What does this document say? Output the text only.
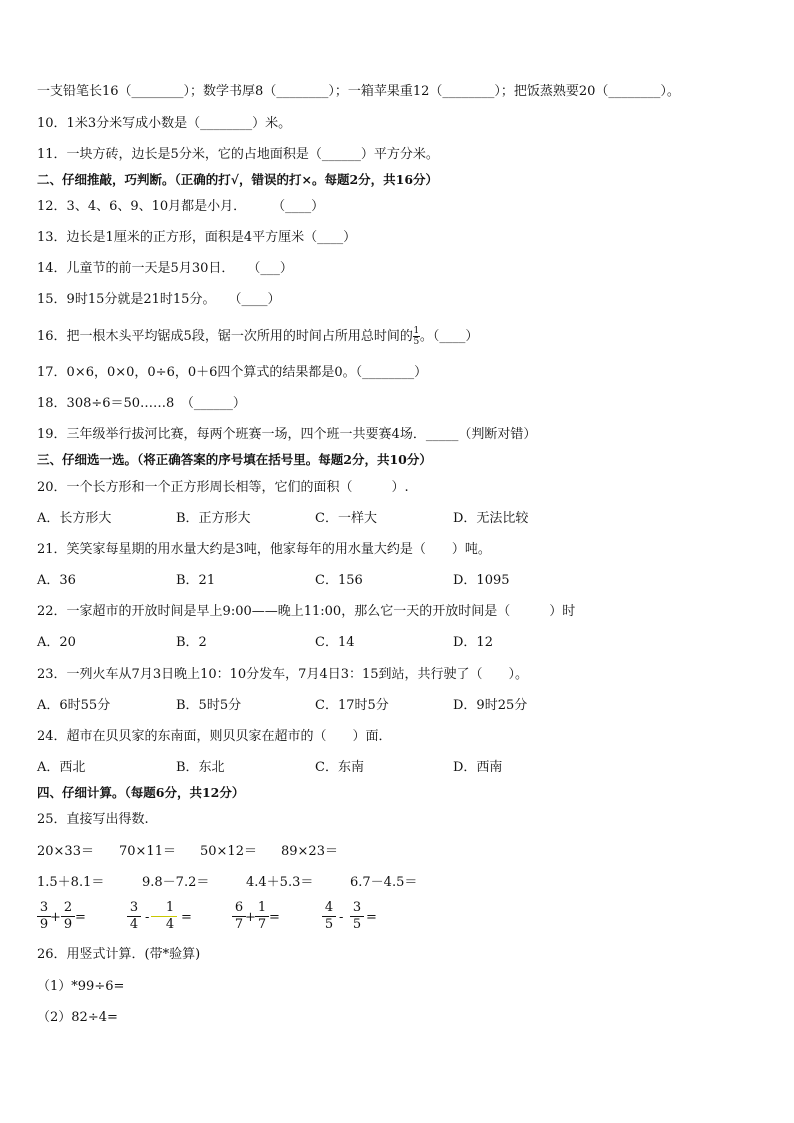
一支铅笔长16（________）；数学书厚8（________）；一箱苹果重12（________）；把饭蒸熟要20（________）。
10．1米3分米写成小数是（________）米。
11．一块方砖，边长是5分米，它的占地面积是（______）平方分米。
二、仔细推敲，巧判断。（正确的打√，错误的打×。每题2分，共16分）
12．3、4、6、9、10月都是小月．　　　（____）
13．边长是1厘米的正方形，面积是4平方厘米（____）
14．儿童节的前一天是5月30日．　　（___）
15．9时15分就是21时15分。　　（____）
16．把一根木头平均锯成5段，锯一次所用的时间占所用总时间的 $\frac{1}{5}$ 。（____）
17．0×6，0×0，0÷6，0＋6四个算式的结果都是0。（________）
18．308÷6＝50……8　（______）
19．三年级举行拔河比赛，每两个班赛一场，四个班一共要赛4场．_____（判断对错）
三、仔细选一选。（将正确答案的序号填在括号里。每题2分，共10分）
20．一个长方形和一个正方形周长相等，它们的面积（　　　）.
A．长方形大	B．正方形大	C．一样大	D．无法比较
21．笑笑家每星期的用水量大约是3吨，他家每年的用水量大约是（　　）吨。
A．36	B．21	C．156	D．1095
22．一家超市的开放时间是早上9:00——晚上11:00，那么它一天的开放时间是（　　　）时
A．20	B．2	C．14	D．12
23．一列火车从7月3日晚上10：10分发车，7月4日3：15到站，共行驶了（　　）。
A．6时55分	B．5时5分	C．17时5分	D．9时25分
24．超市在贝贝家的东南面，则贝贝家在超市的（　　）面．
A．西北	B．东北	C．东南	D．西南
四、仔细计算。（每题6分，共12分）
25．直接写出得数.
20×33＝ 70×11＝ 50×12＝ 89×23＝
1.5＋8.1＝	9.8－7.2＝	4.4＋5.3＝	6.7－4.5＝
3
9 +
2
9 =
3
4 -
1
4 =
6
7 +
1
7 =
4
5 -
3
5 =
26．用竖式计算．(带*验算)
（1）*99÷6=
（2）82÷4=
